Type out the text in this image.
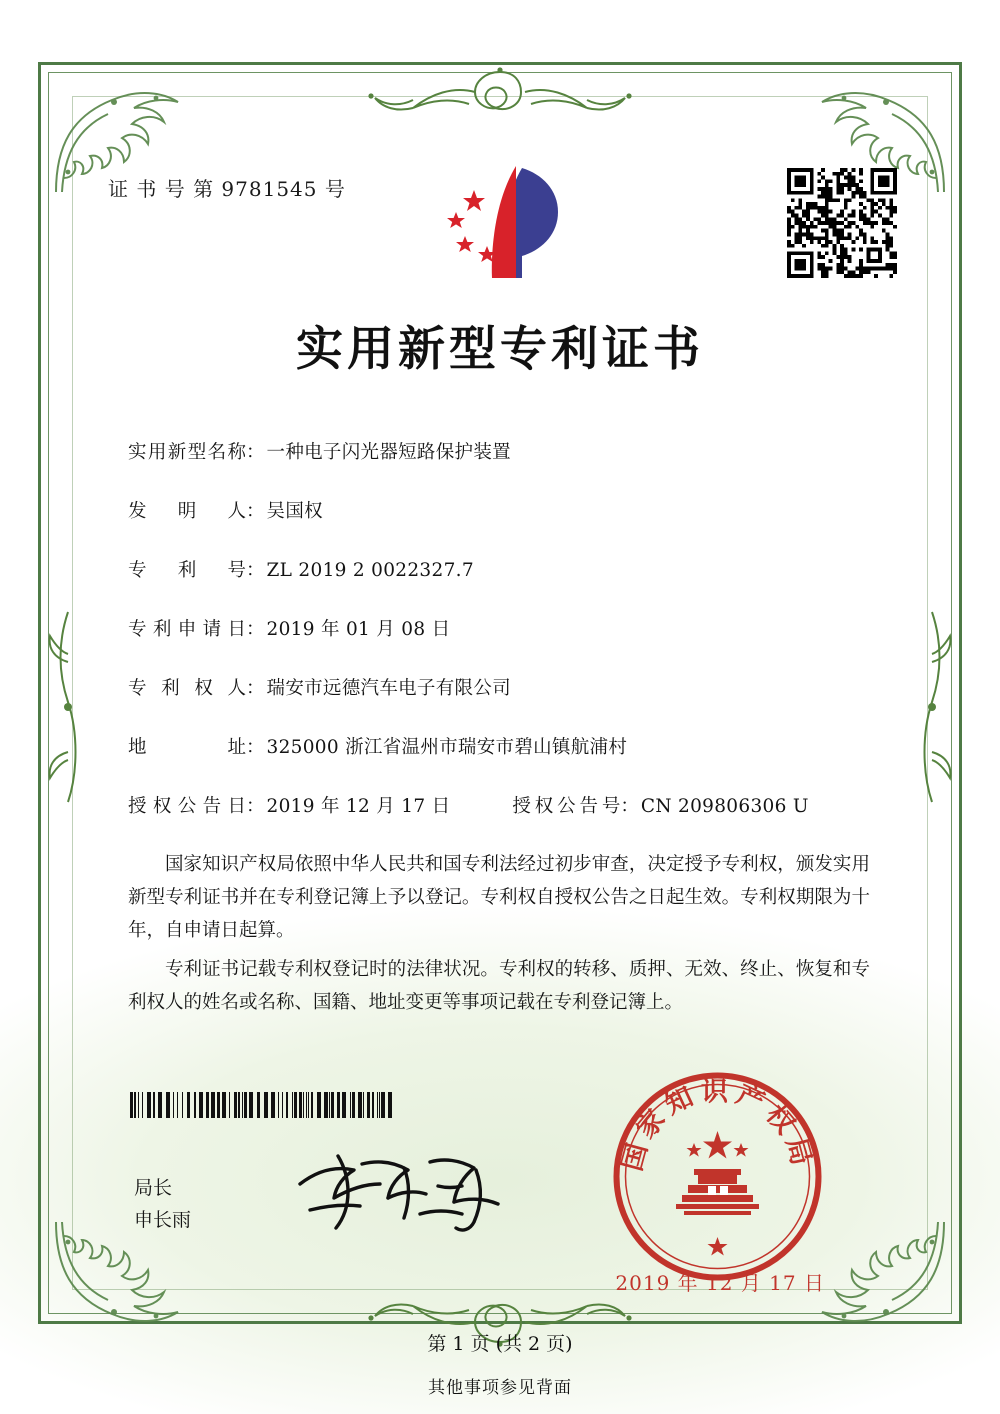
证 书 号 第 9781545 号
实用新型专利证书
实用新型名称 ： 一种电子闪光器短路保护装置
发明人 ： 吴国权
专利号 ： ZL 2019 2 0022327.7
专利申请日 ： 2019 年 01 月 08 日
专利权人 ： 瑞安市远德汽车电子有限公司
地址 ： 325000 浙江省温州市瑞安市碧山镇航浦村
授权公告日 ： 2019 年 12 月 17 日	授权公告号 ： CN 209806306 U

国家知识产权局依照中华人民共和国专利法经过初步审查，决定授予专利权，颁发实用新型专利证书并在专利登记簿上予以登记。专利权自授权公告之日起生效。专利权期限为十年，自申请日起算。

专利证书记载专利权登记时的法律状况。专利权的转移、质押、无效、终止、恢复和专利权人的姓名或名称、国籍、地址变更等事项记载在专利登记簿上。

局长
申长雨
国家知识产权局
2019 年 12 月 17 日
第 1 页 (共 2 页)
其他事项参见背面
